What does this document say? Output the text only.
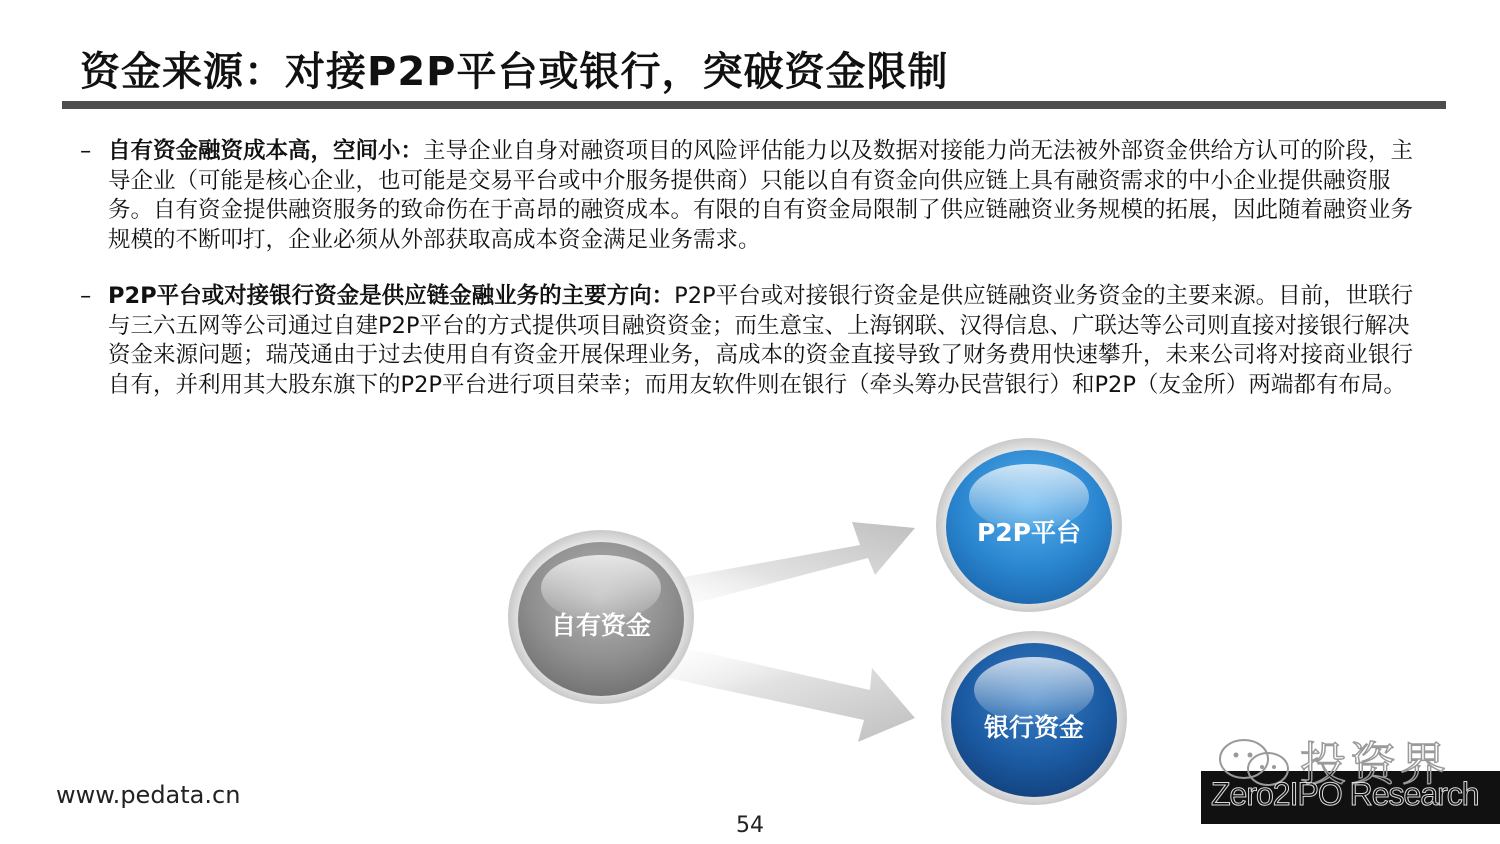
资金来源：对接P2P平台或银行，突破资金限制
– 自有资金融资成本高，空间小：主导企业自身对融资项目的风险评估能力以及数据对接能力尚无法被外部资金供给方认可的阶段，主导企业（可能是核心企业，也可能是交易平台或中介服务提供商）只能以自有资金向供应链上具有融资需求的中小企业提供融资服务。自有资金提供融资服务的致命伤在于高昂的融资成本。有限的自有资金局限制了供应链融资业务规模的拓展，因此随着融资业务规模的不断叩打，企业必须从外部获取高成本资金满足业务需求。
– P2P平台或对接银行资金是供应链金融业务的主要方向：P2P平台或对接银行资金是供应链融资业务资金的主要来源。目前，世联行与三六五网等公司通过自建P2P平台的方式提供项目融资资金；而生意宝、上海钢联、汉得信息、广联达等公司则直接对接银行解决资金来源问题；瑞茂通由于过去使用自有资金开展保理业务，高成本的资金直接导致了财务费用快速攀升，未来公司将对接商业银行自有，并利用其大股东旗下的P2P平台进行项目荣幸；而用友软件则在银行（牵头筹办民营银行）和P2P（友金所）两端都有布局。
自有资金
P2P平台
银行资金
www.pedata.cn
54
投资界
Zero2IPO Research
